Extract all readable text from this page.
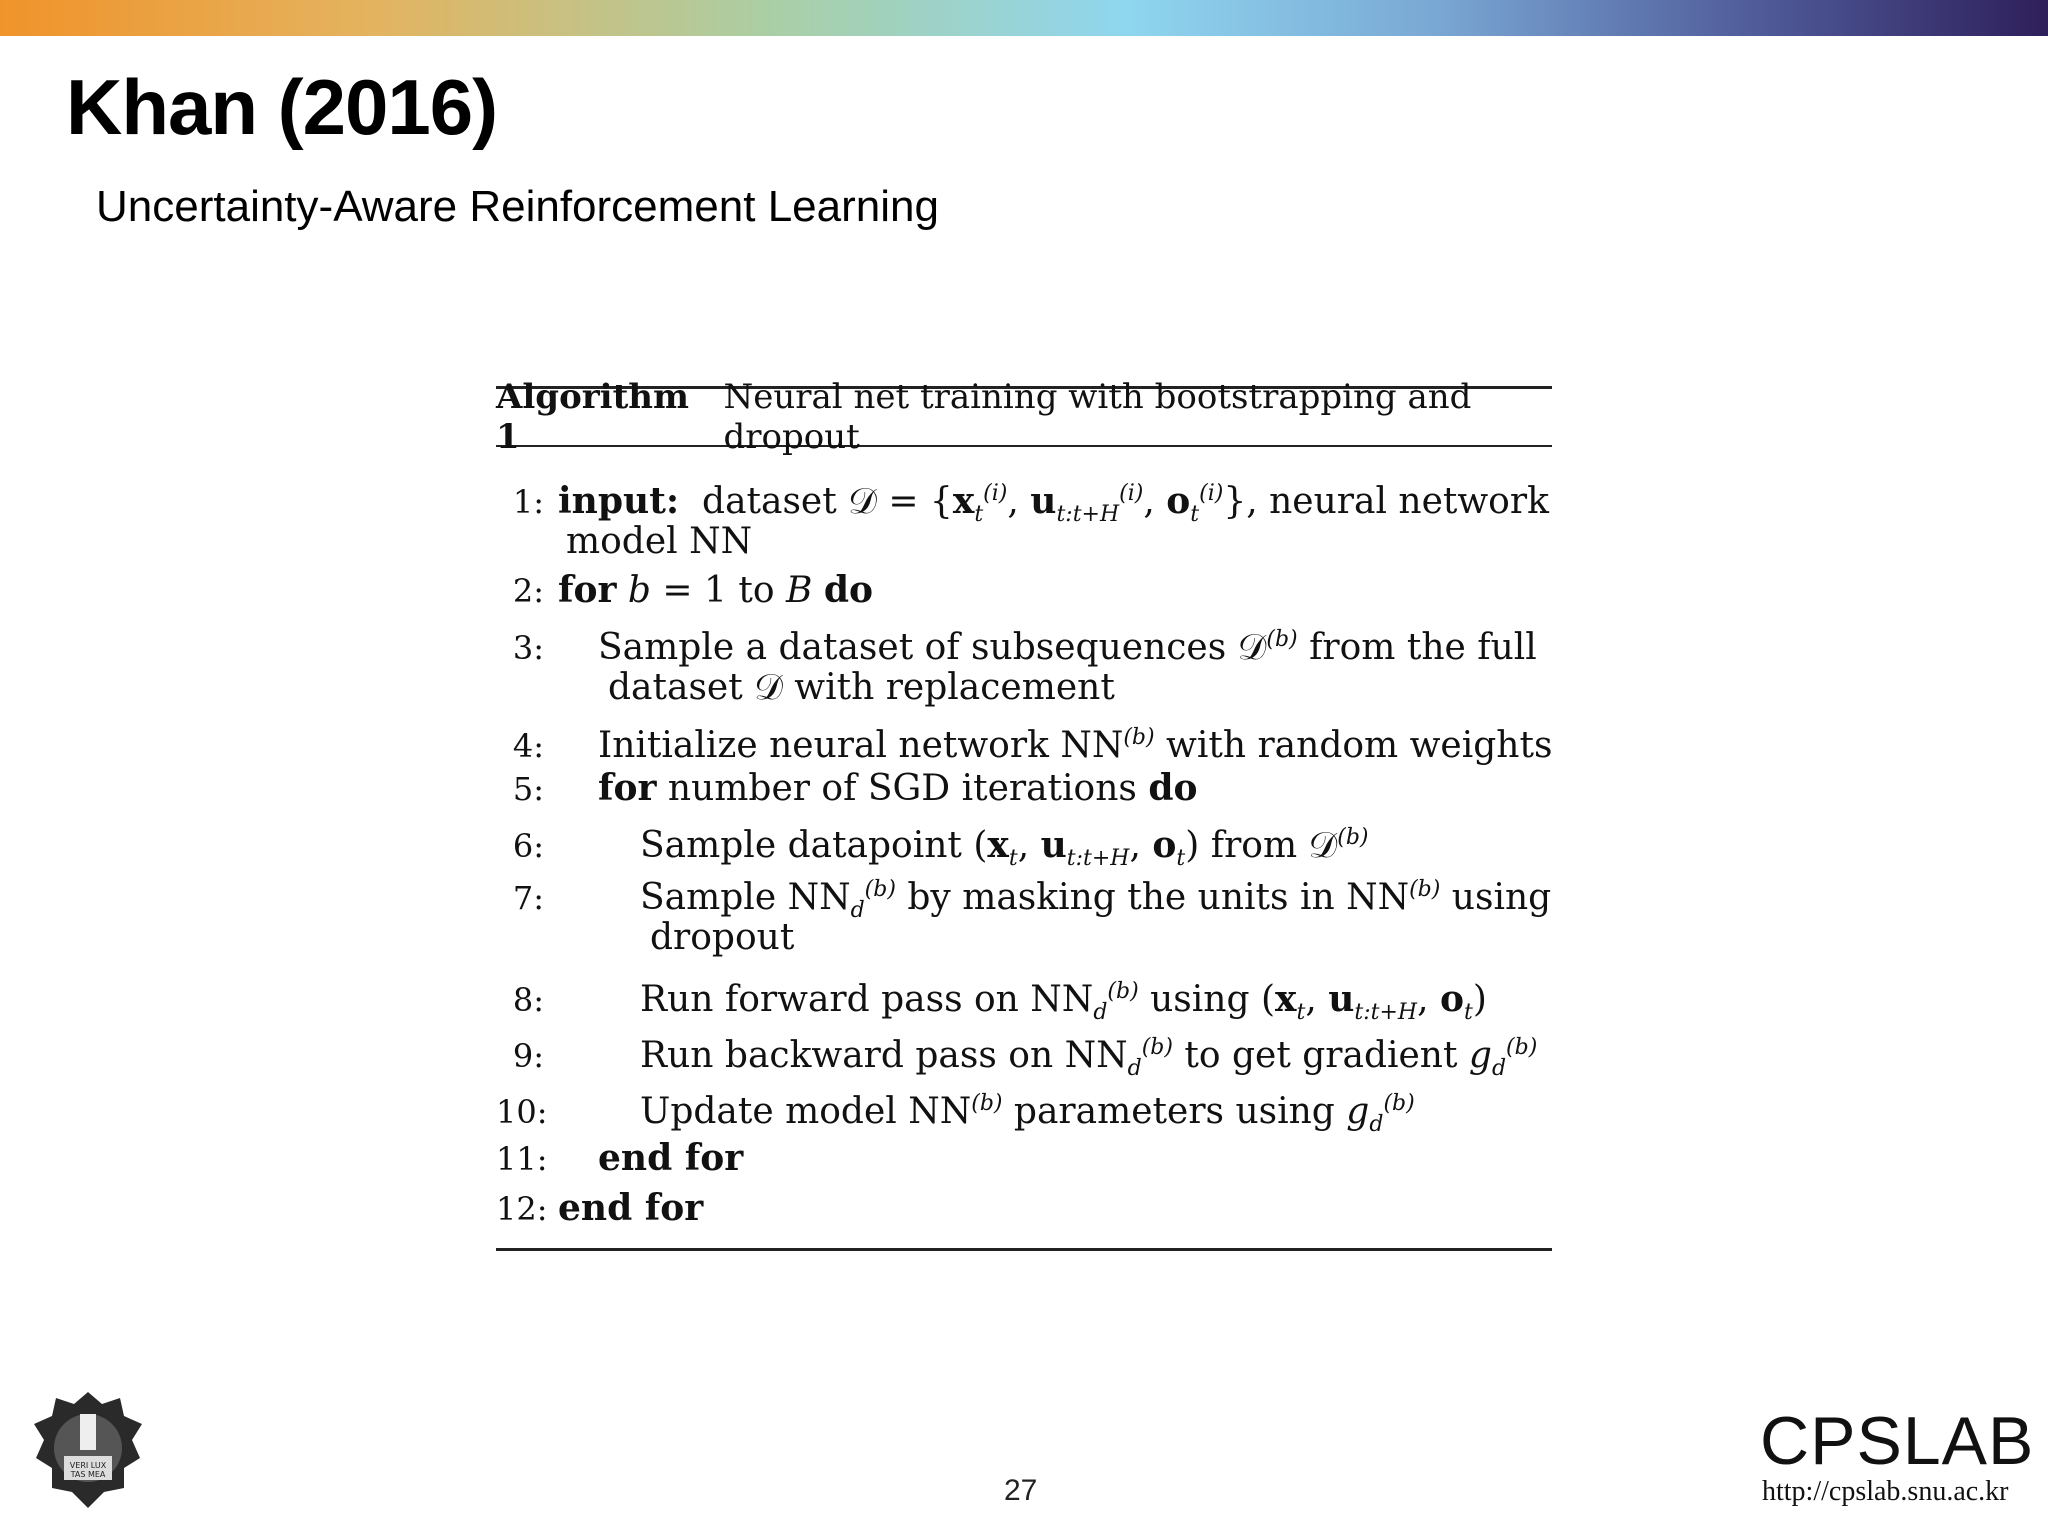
Khan (2016)
Uncertainty-Aware Reinforcement Learning
Algorithm 1
Neural net training with bootstrapping and dropout
1: input:  dataset 𝒟 = {$x_t^{(i)}$, $u_{t:t+H}^{(i)}$, $o_t^{(i)}$}, neural network
model NN
2: for b = 1 to B do
3: Sample a dataset of subsequences 𝒟$^{(b)}$ from the full
dataset 𝒟 with replacement
4: Initialize neural network NN$^{(b)}$ with random weights
5: for number of SGD iterations do
6:	Sample datapoint ($x_t$, $u_{t:t+H}$, $o_t$) from 𝒟$^{(b)}$
7:	Sample $NN_d^{(b)}$ by masking the units in NN$^{(b)}$ using
dropout
8:	Run forward pass on $NN_d^{(b)}$ using ($x_t$, $u_{t:t+H}$, $o_t$)
9:	Run backward pass on $NN_d^{(b)}$ to get gradient $g_d^{(b)}$
10:	Update model NN$^{(b)}$ parameters using $g_d^{(b)}$
11: end for
12: end for
VERI LUX
TAS MEA	27
CPSLAB
http://cpslab.snu.ac.kr
